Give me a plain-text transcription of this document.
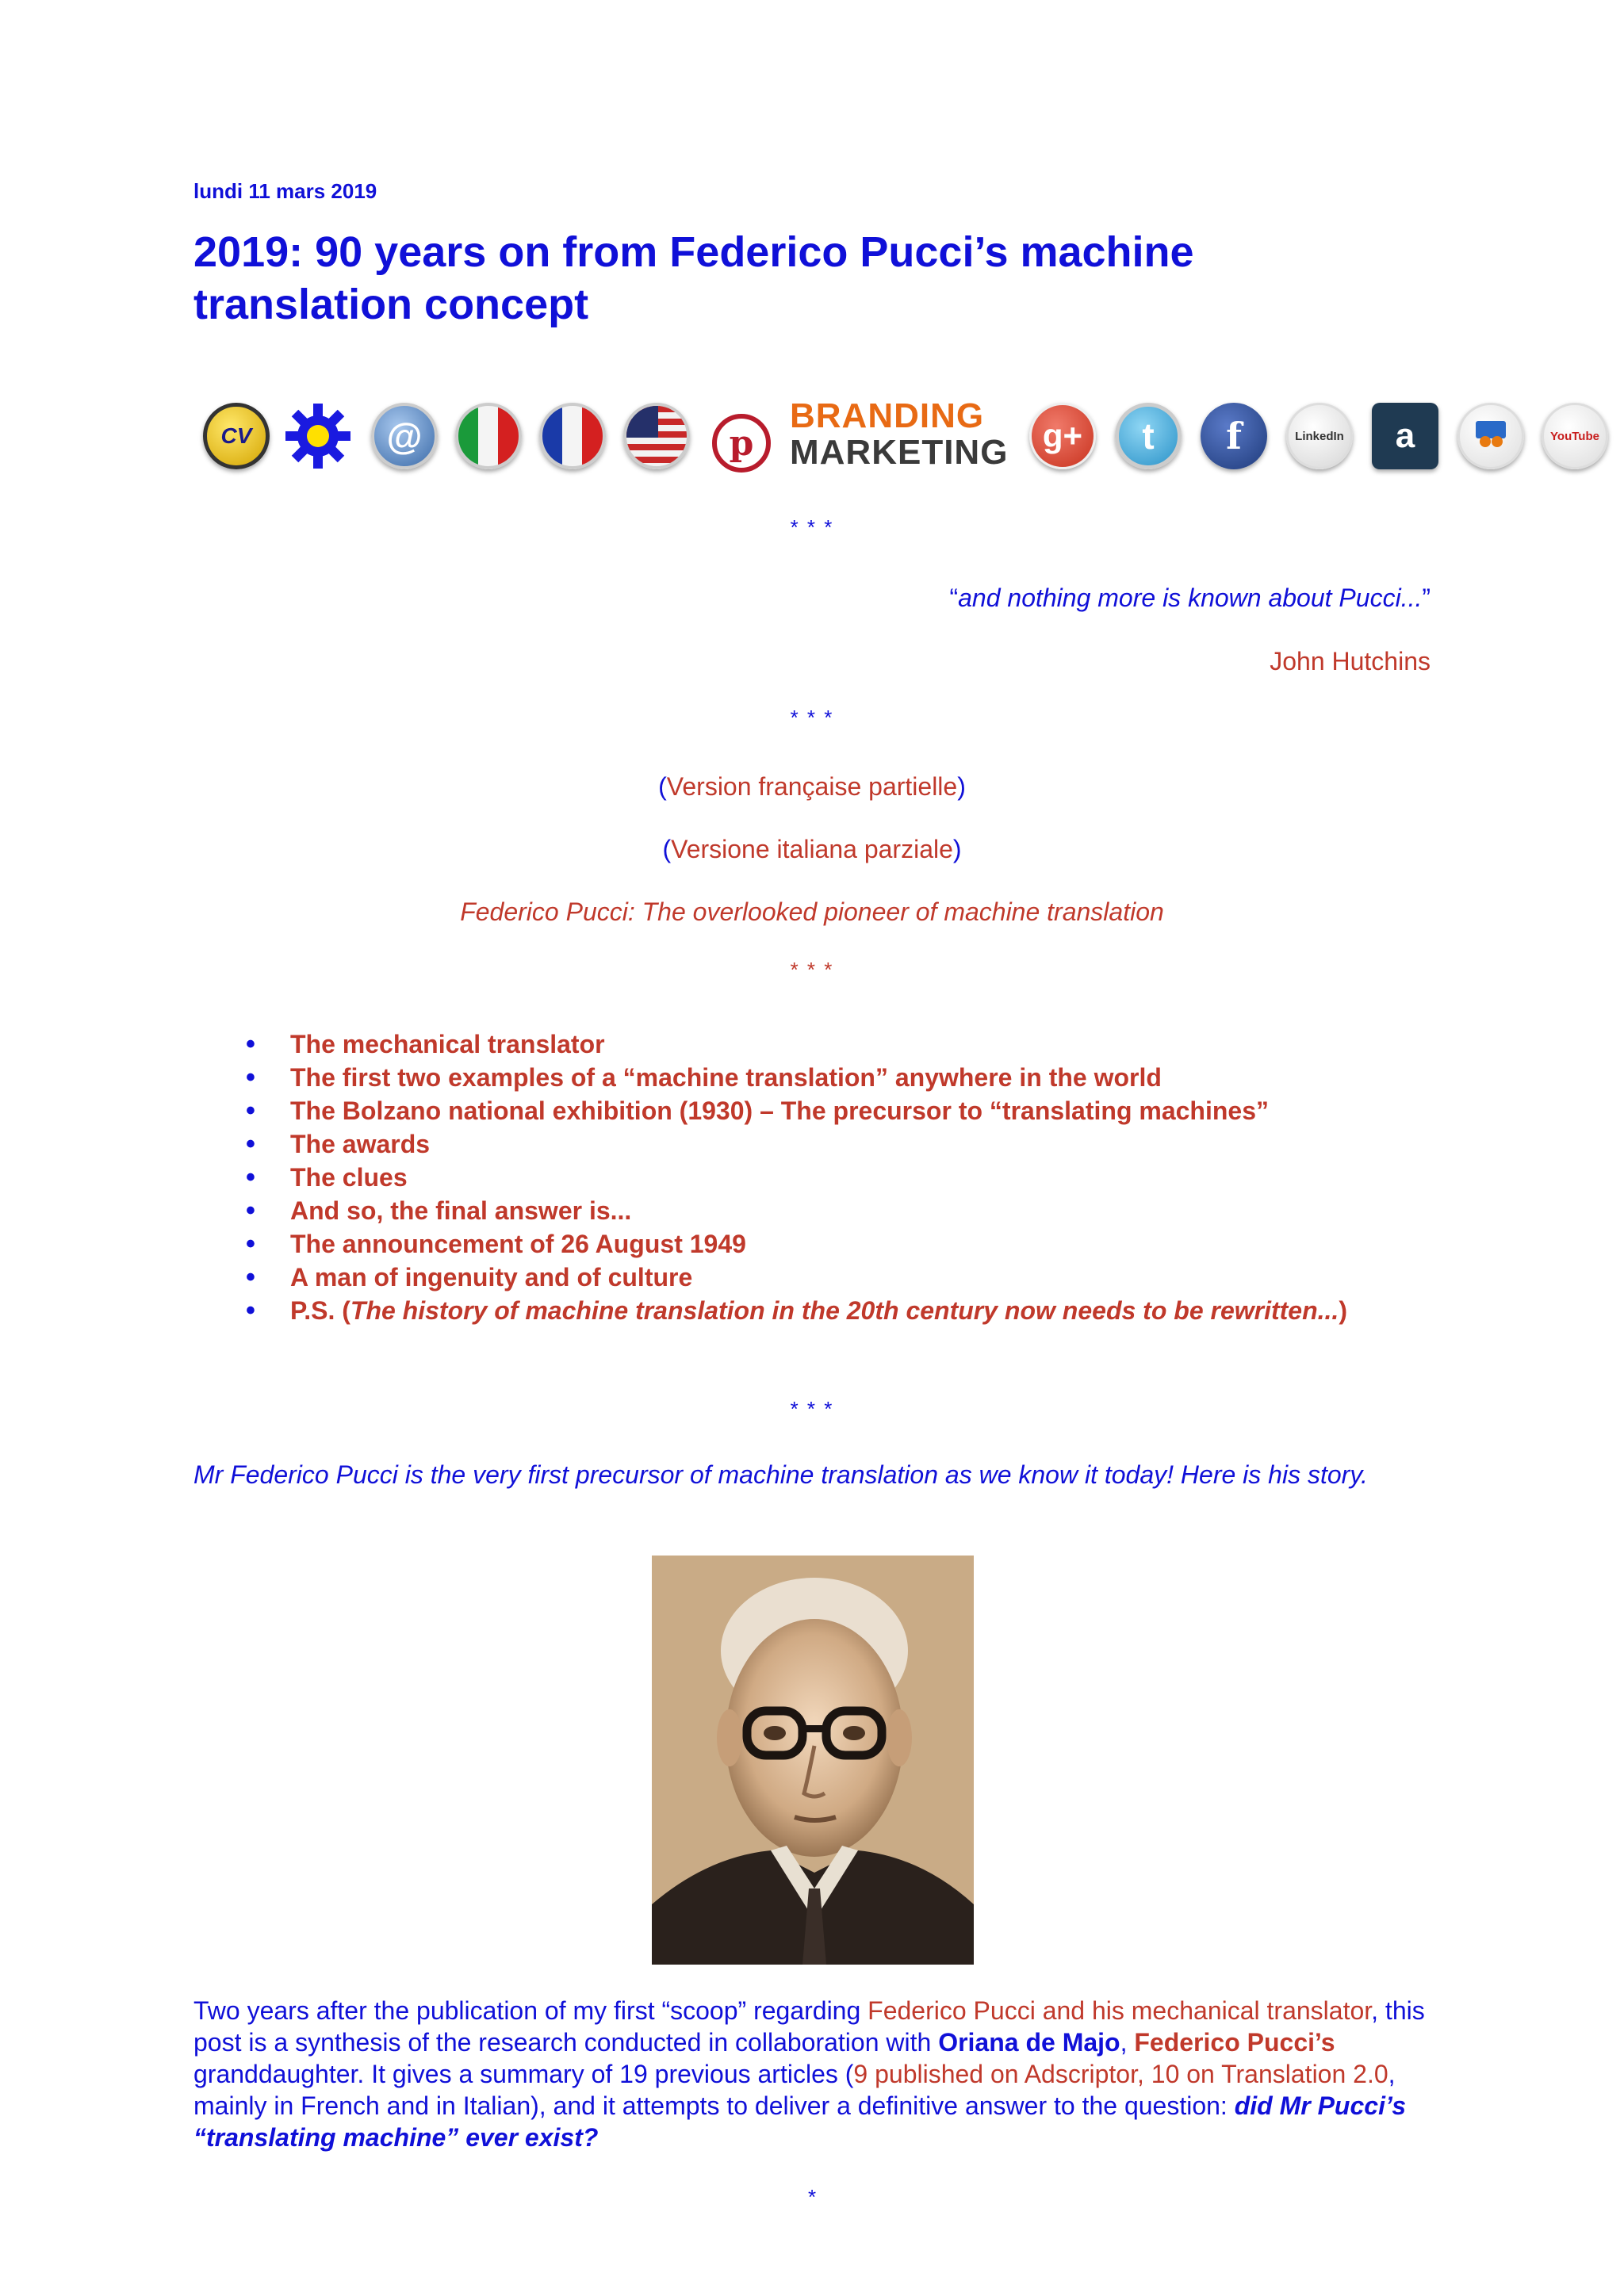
lundi 11 mars 2019
2019: 90 years on from Federico Pucci’s machine translation concept
CV	@	p
BRANDING
MARKETING	g+	t	f	LinkedIn	a	YouTube
* * *
“and nothing more is known about Pucci...”
John Hutchins
* * *
(Version française partielle)
(Versione italiana parziale)
Federico Pucci: The overlooked pioneer of machine translation
* * *
• The mechanical translator
• The first two examples of a “machine translation” anywhere in the world
• The Bolzano national exhibition (1930) – The precursor to “translating machines”
• The awards
• The clues
• And so, the final answer is...
• The announcement of 26 August 1949
• A man of ingenuity and of culture
• P.S. (The history of machine translation in the 20th century now needs to be rewritten...)
* * *
Mr Federico Pucci is the very first precursor of machine translation as we know it today! Here is his story.
Two years after the publication of my first “scoop” regarding Federico Pucci and his mechanical translator, this post is a synthesis of the research conducted in collaboration with Oriana de Majo, Federico Pucci’s granddaughter. It gives a summary of 19 previous articles (9 published on Adscriptor, 10 on Translation 2.0, mainly in French and in Italian), and it attempts to deliver a definitive answer to the question: did Mr Pucci’s “translating machine” ever exist?
*
